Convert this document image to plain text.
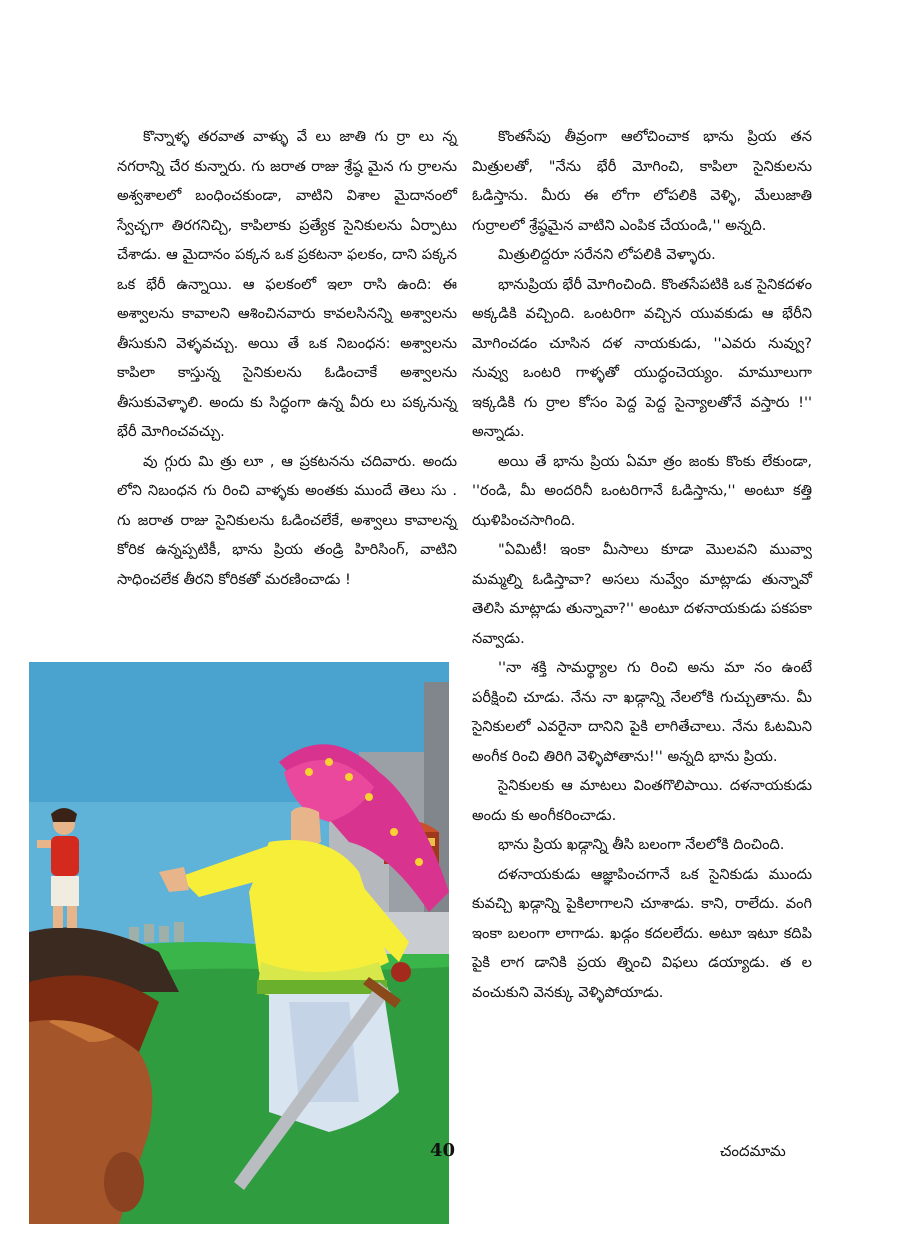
కొన్నాళ్ళ తరవాత వాళ్ళు వే లు జాతి గు ర్రా లు న్న నగరాన్ని చేర కున్నారు. గు జరాత రాజు శ్రేష్ఠ మైన గు ర్రాలను అశ్వశాలలో బంధించకుండా, వాటిని విశాల మైదానంలో స్వేచ్ఛగా తిరగనిచ్చి, కాపిలాకు ప్రత్యేక సైనికులను ఏర్పాటు చేశాడు. ఆ మైదానం పక్కన ఒక ప్రకటనా ఫలకం, దాని పక్కన ఒక భేరీ ఉన్నాయి. ఆ ఫలకంలో ఇలా రాసి ఉంది: ఈ అశ్వాలను కావాలని ఆశించినవారు కావలసినన్ని అశ్వాలను తీసుకుని వెళ్ళవచ్చు. అయి తే ఒక నిబంధన: అశ్వాలను కాపిలా కాస్తున్న సైనికులను ఓడించాకే అశ్వాలను తీసుకువెళ్ళాలి. అందు కు సిద్ధంగా ఉన్న వీరు లు పక్కనున్న భేరీ మోగించవచ్చు.

వు గ్గురు మి త్రు లూ , ఆ ప్రకటనను చదివారు. అందు లోని నిబంధన గు రించి వాళ్ళకు అంతకు ముందే తెలు సు . గు జరాత రాజు సైనికులను ఓడించలేకే, అశ్వాలు కావాలన్న కోరిక ఉన్నప్పటికీ, భాను ప్రియ తండ్రి హిరిసింగ్, వాటిని సాధించలేక తీరని కోరికతో మరణించాడు !

కొంతసేపు తీవ్రంగా ఆలోచించాక భాను ప్రియ తన మిత్రులతో, "నేను భేరీ మోగించి, కాపిలా సైనికులను ఓడిస్తాను. మీరు ఈ లోగా లోపలికి వెళ్ళి, మేలుజాతి గుర్రాలలో శ్రేష్ఠమైన వాటిని ఎంపిక చేయండి,'' అన్నది.

మిత్రులిద్దరూ సరేనని లోపలికి వెళ్ళారు.

భానుప్రియ భేరీ మోగించింది. కొంతసేపటికి ఒక సైనికదళం అక్కడికి వచ్చింది. ఒంటరిగా వచ్చిన యువకుడు ఆ భేరీని మోగించడం చూసిన దళ నాయకుడు, ''ఎవరు నువ్వు? నువ్వు ఒంటరి గాళ్ళతో యుద్ధంచెయ్యం. మామూలుగా ఇక్కడికి గు ర్రాల కోసం పెద్ద పెద్ద సైన్యాలతోనే వస్తారు !'' అన్నాడు.

అయి తే భాను ప్రియ ఏమా త్రం జంకు కొంకు లేకుండా, ''రండి, మీ అందరినీ ఒంటరిగానే ఓడిస్తాను,'' అంటూ కత్తి ఝళిపించసాగింది.

"ఏమిటీ! ఇంకా మీసాలు కూడా మొలవని మువ్వా మమ్మల్ని ఓడిస్తావా? అసలు నువ్వేం మాట్లాడు తున్నావో తెలిసి మాట్లాడు తున్నావా?'' అంటూ దళనాయకుడు పకపకా నవ్వాడు.

''నా శక్తి సామర్థ్యాల గు రించి అను మా నం ఉంటే పరీక్షించి చూడు. నేను నా ఖడ్గాన్ని నేలలోకి గుచ్చుతాను. మీ సైనికులలో ఎవరైనా దానిని పైకి లాగితేచాలు. నేను ఓటమిని అంగీక రించి తిరిగి వెళ్ళిపోతాను!'' అన్నది భాను ప్రియ.

సైనికులకు ఆ మాటలు వింతగొలిపాయి. దళనాయకుడు అందు కు అంగీకరించాడు.

భాను ప్రియ ఖడ్గాన్ని తీసి బలంగా నేలలోకి దించింది.

దళనాయకుడు ఆజ్ఞాపించగానే ఒక సైనికుడు ముందు కువచ్చి ఖడ్గాన్ని పైకిలాగాలని చూశాడు. కాని, రాలేదు. వంగి ఇంకా బలంగా లాగాడు. ఖడ్గం కదలలేదు. అటూ ఇటూ కదిపి పైకి లాగ డానికి ప్రయ త్నించి విఫలు డయ్యాడు. త ల వంచుకుని వెనక్కు వెళ్ళిపోయాడు.

40	చందమామ
